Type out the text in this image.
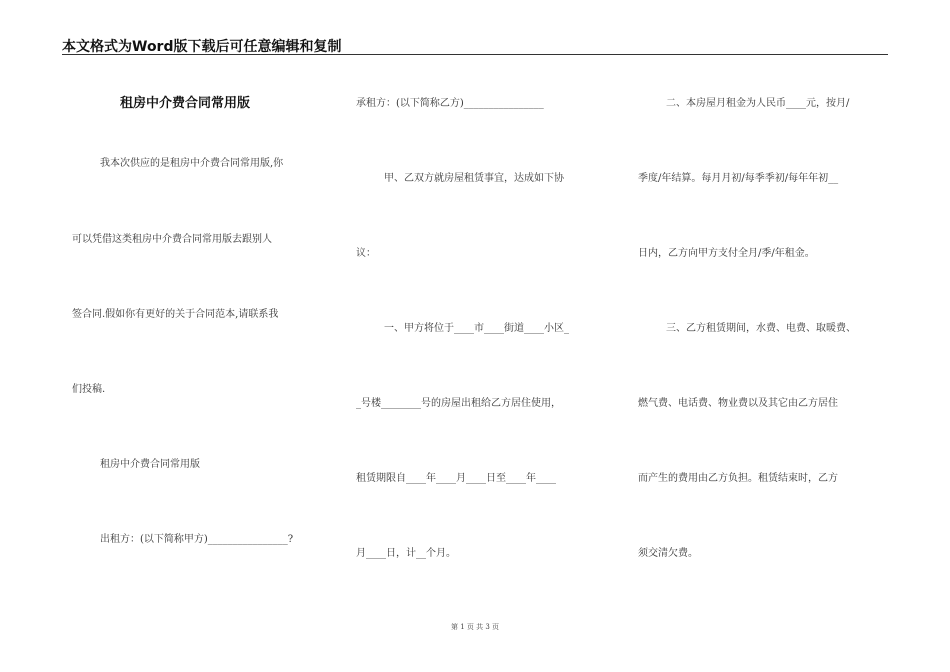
本文格式为Word版下载后可任意编辑和复制
租房中介费合同常用版
我本次供应的是租房中介费合同常用版,你
可以凭借这类租房中介费合同常用版去跟别人
签合同.假如你有更好的关于合同范本,请联系我
们投稿.
租房中介费合同常用版
出租方：(以下简称甲方)________________?
承租方：(以下简称乙方)________________
甲、乙双方就房屋租赁事宜，达成如下协
议：
一、甲方将位于____市____街道____小区_
_号楼________号的房屋出租给乙方居住使用，
租赁期限自____年____月____日至____年____
月____日，计__个月。
二、本房屋月租金为人民币____元，按月/
季度/年结算。每月月初/每季季初/每年年初__
日内，乙方向甲方支付全月/季/年租金。
三、乙方租赁期间，水费、电费、取暖费、
燃气费、电话费、物业费以及其它由乙方居住
而产生的费用由乙方负担。租赁结束时，乙方
须交清欠费。
第 1 页 共 3 页
